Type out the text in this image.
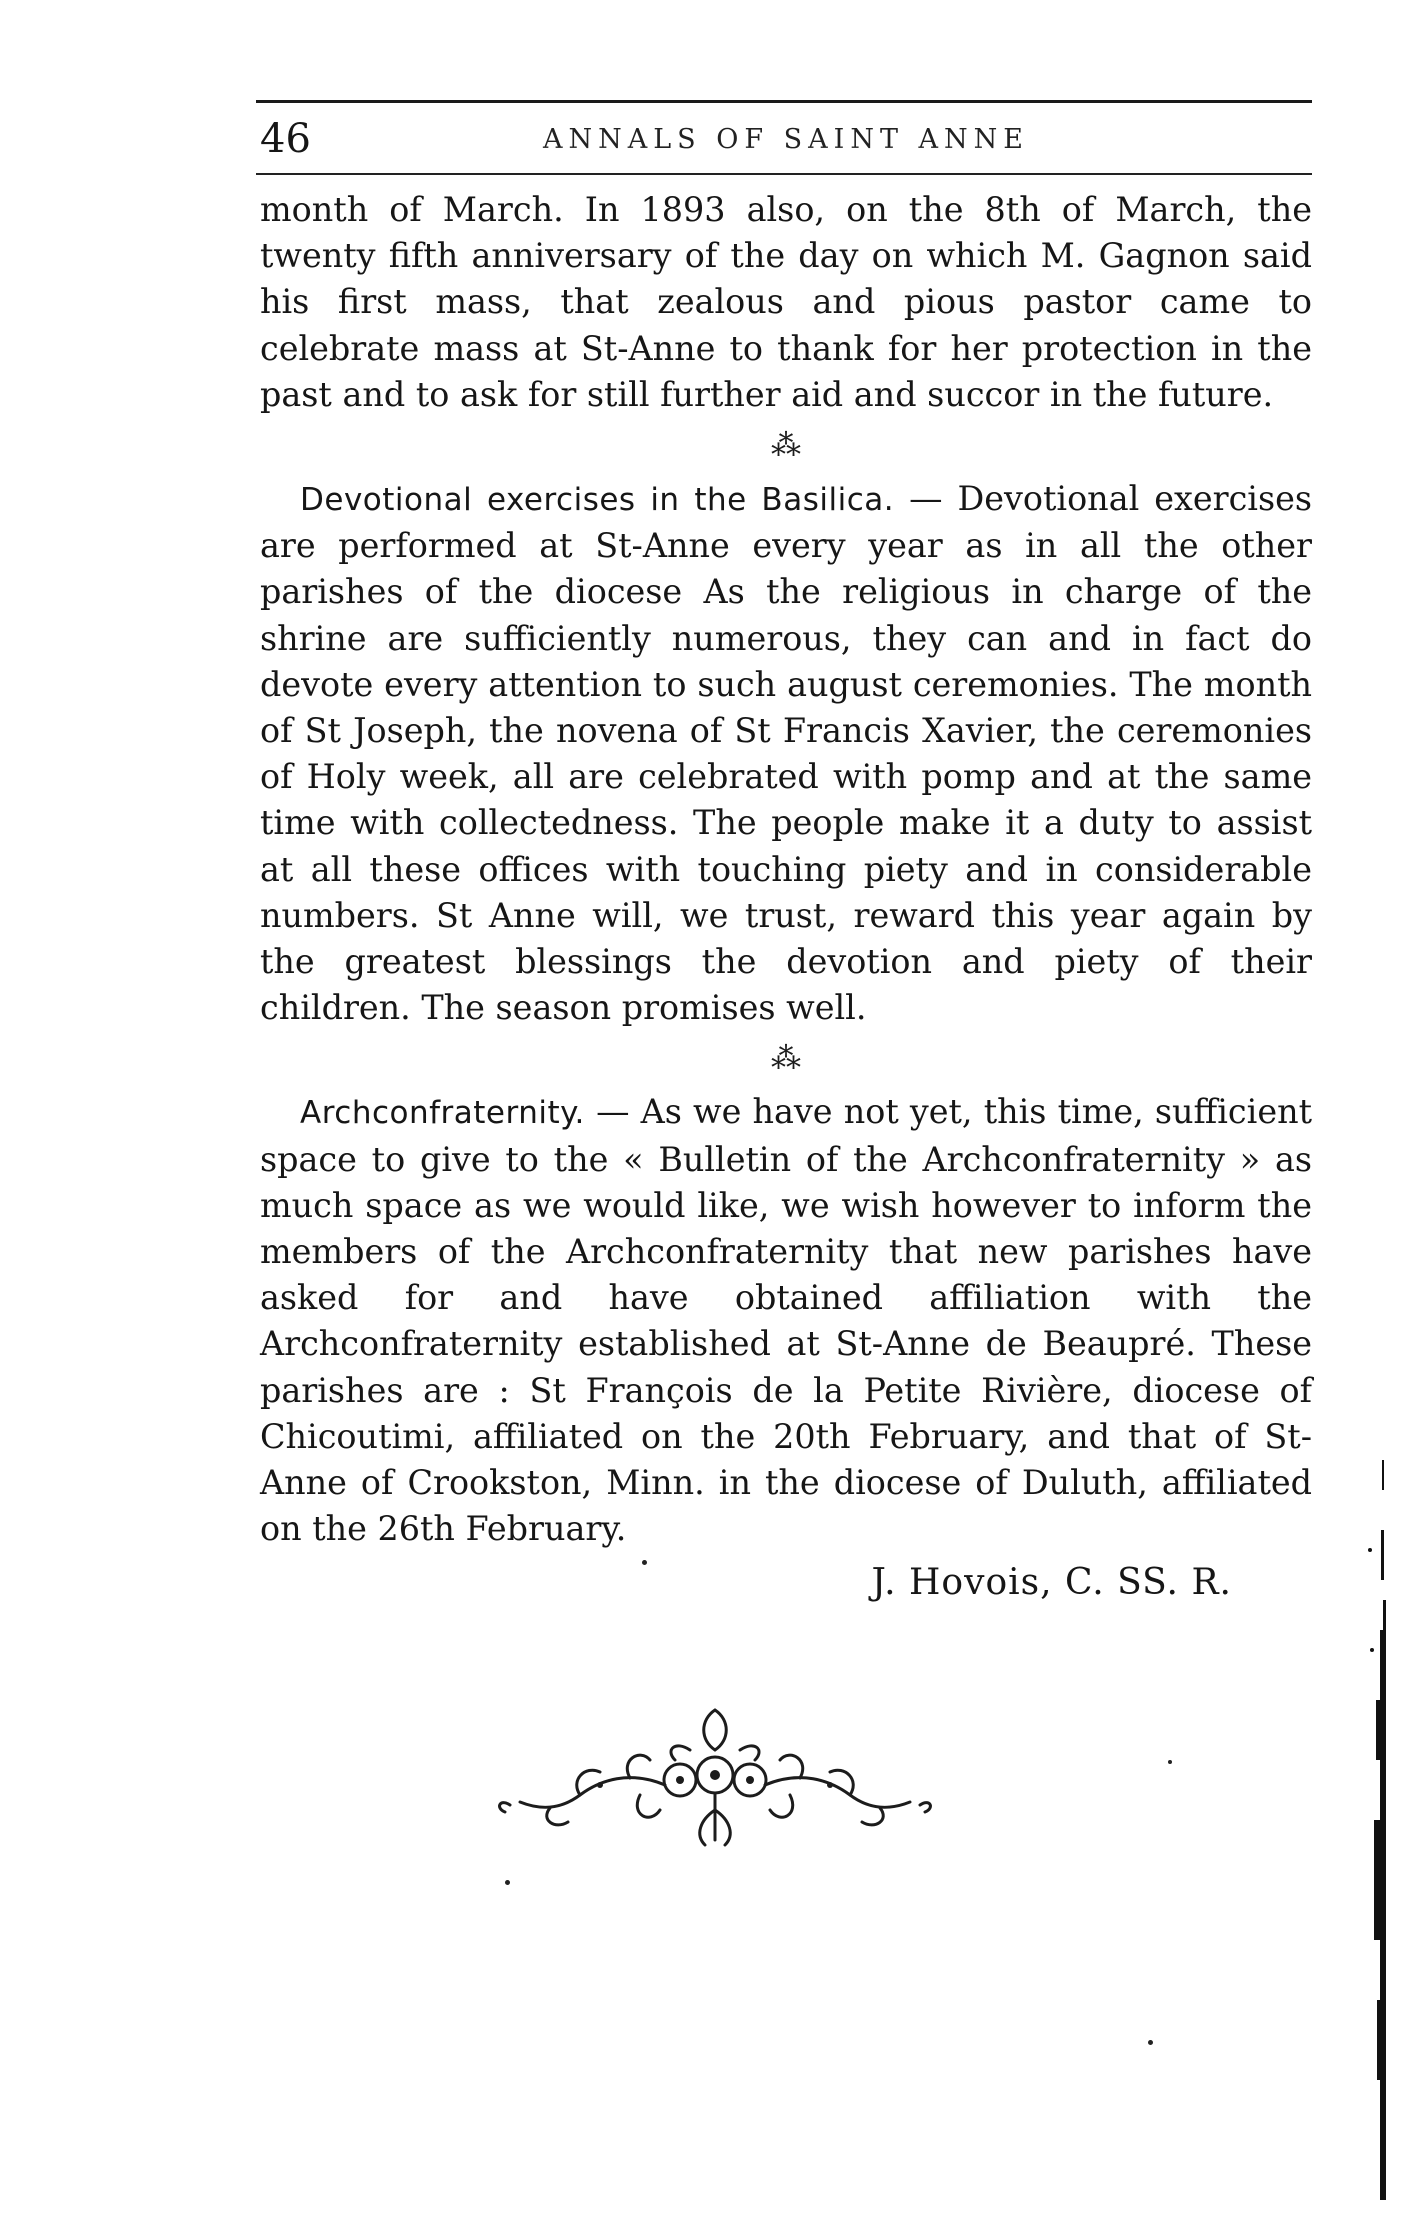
46	ANNALS OF SAINT ANNE

month of March. In 1893 also, on the 8th of March, the twenty fifth anniversary of the day on which M. Gagnon said his first mass, that zealous and pious pastor came to celebrate mass at St-Anne to thank for her protection in the past and to ask for still further aid and succor in the future.

⁂

Devotional exercises in the Basilica. — Devotional exercises are performed at St-Anne every year as in all the other parishes of the diocese As the religious in charge of the shrine are sufficiently numerous, they can and in fact do devote every attention to such august ceremonies. The month of St Joseph, the novena of St Francis Xavier, the ceremonies of Holy week, all are celebrated with pomp and at the same time with collectedness. The people make it a duty to assist at all these offices with touching piety and in considerable numbers. St Anne will, we trust, reward this year again by the greatest blessings the devotion and piety of their children. The season promises well.

⁂

Archconfraternity. — As we have not yet, this time, sufficient space to give to the « Bulletin of the Archconfraternity » as much space as we would like, we wish however to inform the members of the Archconfraternity that new parishes have asked for and have obtained affiliation with the Archconfraternity established at St-Anne de Beaupré. These parishes are : St François de la Petite Rivière, diocese of Chicoutimi, affiliated on the 20th February, and that of St-Anne of Crookston, Minn. in the diocese of Duluth, affiliated on the 26th February.

J. Hovois, C. SS. R.
